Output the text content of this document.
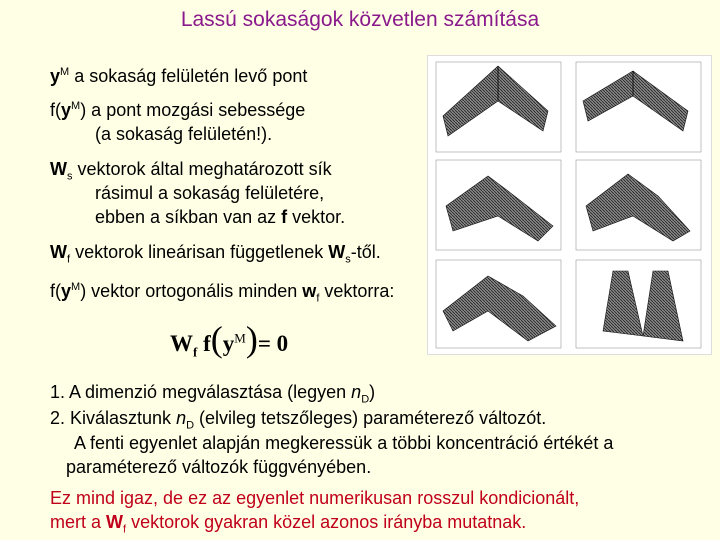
Lassú sokaságok közvetlen számítása
$y^M$ a sokaság felületén levő pont
$f(y^M)$ a pont mozgási sebessége
(a sokaság felületén!).
$W_s$ vektorok által meghatározott sík
rásimul a sokaság felületére,
ebben a síkban van az f vektor.
$W_f$ vektorok lineárisan függetlenek $W_s$-től.
$f(y^M)$ vektor ortogonális minden $w_f$ vektorra:
$W_f$ $f(y^M)= 0$
1. A dimenzió megválasztása (legyen $n_D$)
2. Kiválasztunk $n_D$ (elvileg tetszőleges) paraméterező változót.
A fenti egyenlet alapján megkeressük a többi koncentráció értékét a
paraméterező változók függvényében.
Ez mind igaz, de ez az egyenlet numerikusan rosszul kondicionált,
mert a $W_f$ vektorok gyakran közel azonos irányba mutatnak.
